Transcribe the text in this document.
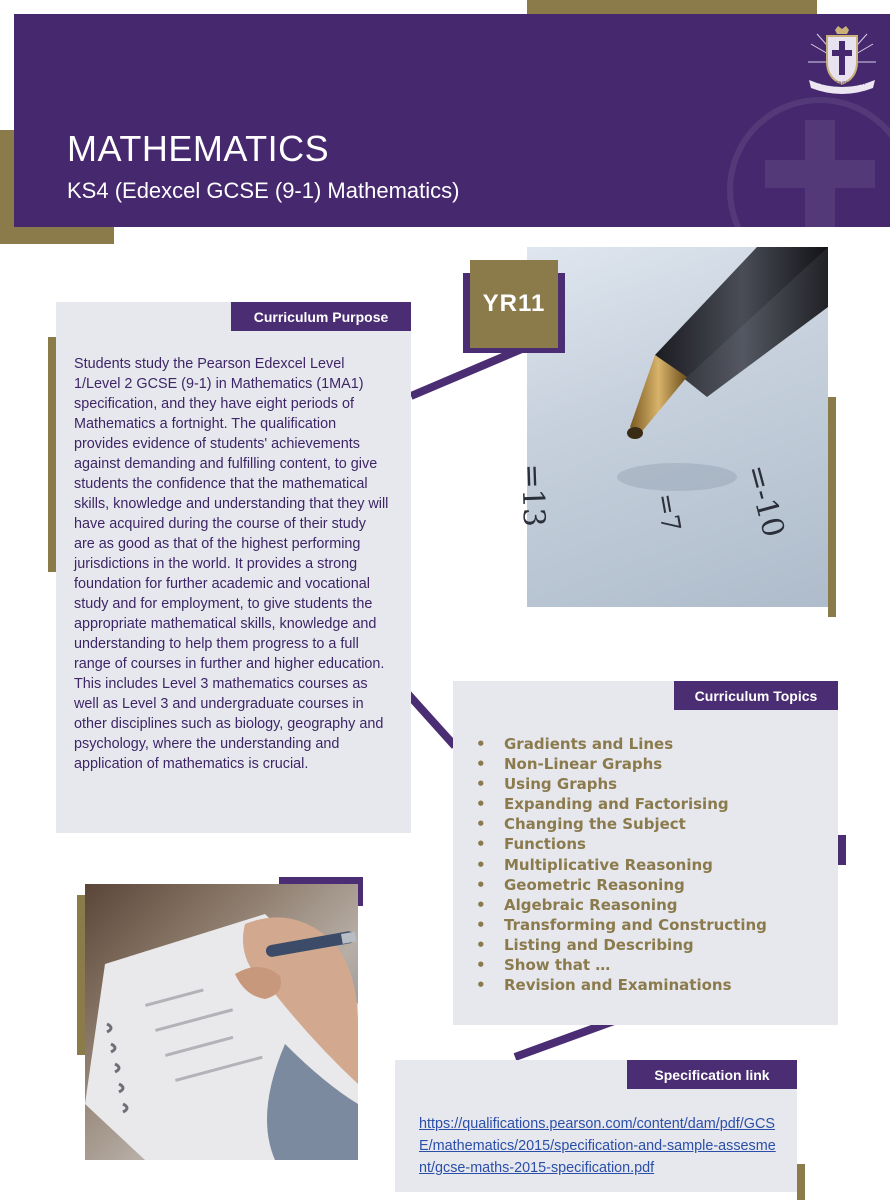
MATHEMATICS
KS4 (Edexcel GCSE (9-1) Mathematics)
VIA · VERITAS · VITA
Curriculum Purpose
Students study the Pearson Edexcel Level 1/Level 2 GCSE (9-1) in Mathematics (1MA1) specification, and they have eight periods of Mathematics a fortnight. The qualification provides evidence of students' achievements against demanding and fulfilling content, to give students the confidence that the mathematical skills, knowledge and understanding that they will have acquired during the course of their study are as good as that of the highest performing jurisdictions in the world. It provides a strong foundation for further academic and vocational study and for employment, to give students the appropriate mathematical skills, knowledge and understanding to help them progress to a full range of courses in further and higher education. This includes Level 3 mathematics courses as well as Level 3 and undergraduate courses in other disciplines such as biology, geography and psychology, where the understanding and application of mathematics is crucial.
=13	=7 =-10
YR11
Curriculum Topics
• Gradients and Lines
• Non-Linear Graphs
• Using Graphs
• Expanding and Factorising
• Changing the Subject
• Functions
• Multiplicative Reasoning
• Geometric Reasoning
• Algebraic Reasoning
• Transforming and Constructing
• Listing and Describing
• Show that …
• Revision and Examinations
Specification link
https://qualifications.pearson.com/content/dam/pdf/GCSE/mathematics/2015/specification-and-sample-assesment/gcse-maths-2015-specification.pdf
